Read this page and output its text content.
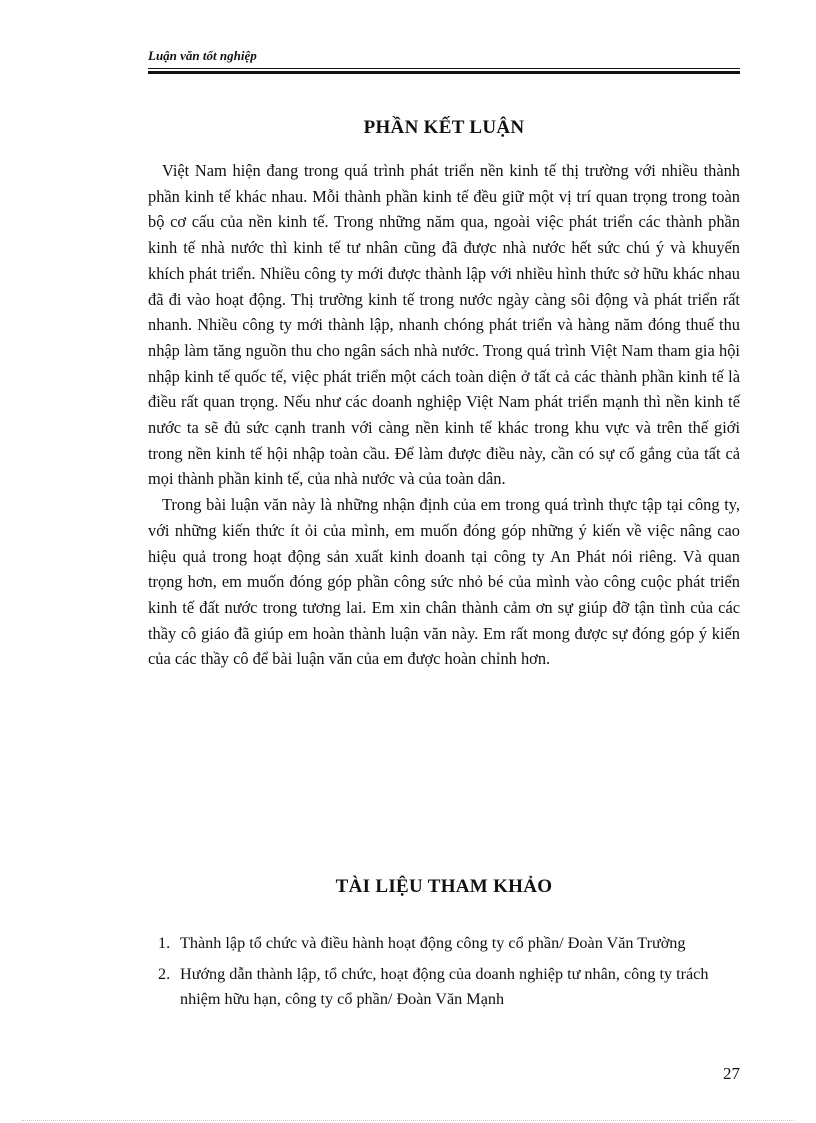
Luận văn tốt nghiệp
PHẦN KẾT LUẬN

Việt Nam hiện đang trong quá trình phát triển nền kinh tế thị trường với nhiều thành phần kinh tế khác nhau. Mỗi thành phần kinh tế đều giữ một vị trí quan trọng trong toàn bộ cơ cấu của nền kinh tế. Trong những năm qua, ngoài việc phát triển các thành phần kinh tế nhà nước thì kinh tế tư nhân cũng đã được nhà nước hết sức chú ý và khuyến khích phát triển. Nhiều công ty mới được thành lập với nhiều hình thức sở hữu khác nhau đã đi vào hoạt động. Thị trường kinh tế trong nước ngày càng sôi động và phát triển rất nhanh. Nhiều công ty mới thành lập, nhanh chóng phát triển và hàng năm đóng thuế thu nhập làm tăng nguồn thu cho ngân sách nhà nước. Trong quá trình Việt Nam tham gia hội nhập kinh tế quốc tế, việc phát triển một cách toàn diện ở tất cả các thành phần kinh tế là điều rất quan trọng. Nếu như các doanh nghiệp Việt Nam phát triển mạnh thì nền kinh tế nước ta sẽ đủ sức cạnh tranh với càng nền kinh tế khác trong khu vực và trên thế giới trong nền kinh tế hội nhập toàn cầu. Để làm được điều này, cần có sự cố gắng của tất cả mọi thành phần kinh tế, của nhà nước và của toàn dân.

Trong bài luận văn này là những nhận định của em trong quá trình thực tập tại công ty, với những kiến thức ít ỏi của mình, em muốn đóng góp những ý kiến về việc nâng cao hiệu quả trong hoạt động sản xuất kinh doanh tại công ty An Phát nói riêng. Và quan trọng hơn, em muốn đóng góp phần công sức nhỏ bé của mình vào công cuộc phát triển kinh tế đất nước trong tương lai. Em xin chân thành cảm ơn sự giúp đỡ tận tình của các thầy cô giáo đã giúp em hoàn thành luận văn này. Em rất mong được sự đóng góp ý kiến của các thầy cô để bài luận văn của em được hoàn chỉnh hơn.

TÀI LIỆU THAM KHẢO
1. Thành lập tổ chức và điều hành hoạt động công ty cổ phần/ Đoàn Văn Trường
2. Hướng dẫn thành lập, tổ chức, hoạt động của doanh nghiệp tư nhân, công ty trách nhiệm hữu hạn, công ty cổ phần/ Đoàn Văn Mạnh
27
